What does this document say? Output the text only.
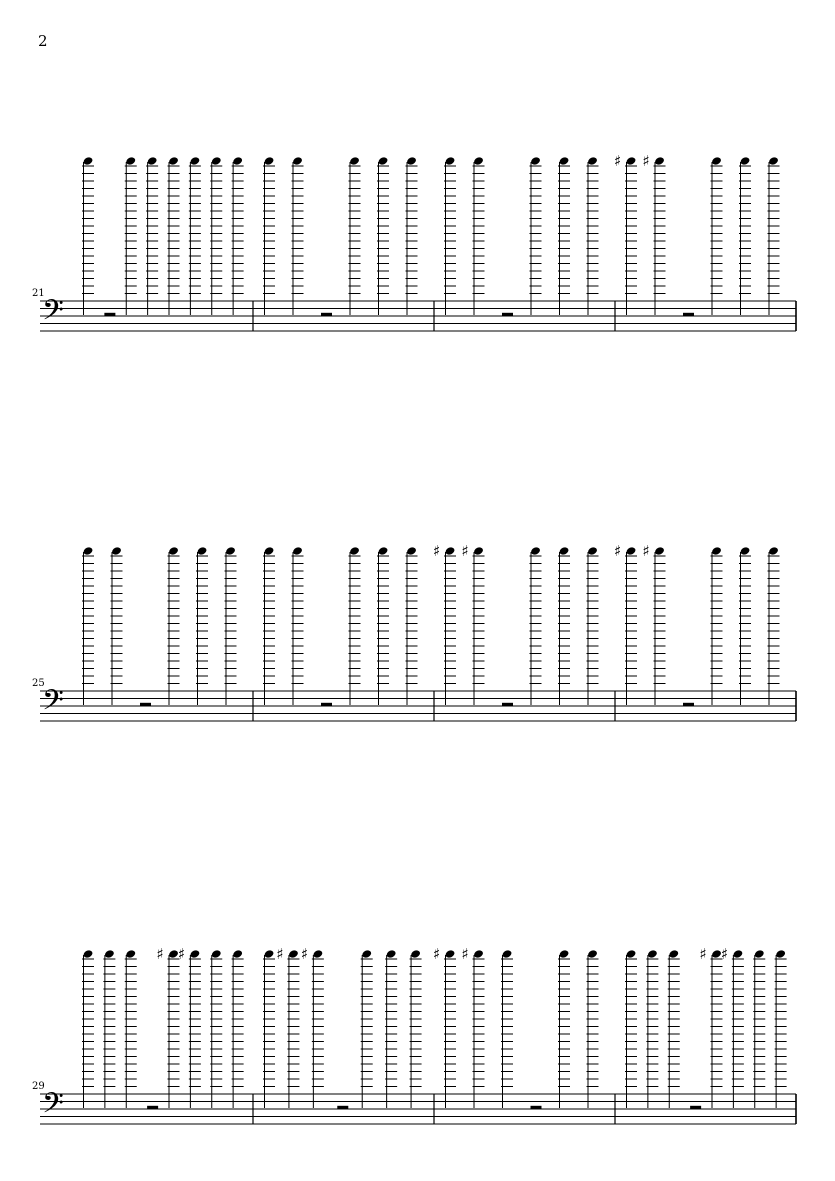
2
𝄢
21
♯ ♯
𝄢
25
♯ ♯	♯ ♯
𝄢
29
♯ ♯	♯ ♯	♯ ♯	♯ ♯
